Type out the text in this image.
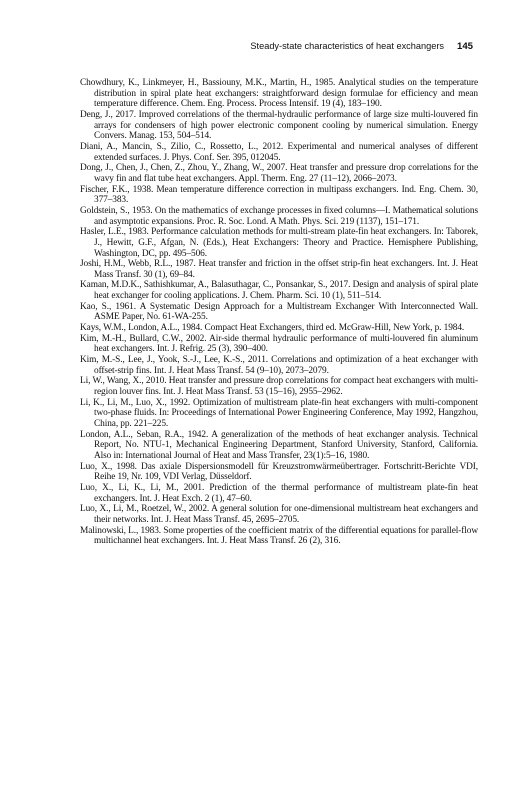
Steady-state characteristics of heat exchangers 145
Chowdhury, K., Linkmeyer, H., Bassiouny, M.K., Martin, H., 1985. Analytical studies on the temperature distribution in spiral plate heat exchangers: straightforward design formulae for efficiency and mean temperature difference. Chem. Eng. Process. Process Intensif. 19 (4), 183–190.
Deng, J., 2017. Improved correlations of the thermal-hydraulic performance of large size multi-louvered fin arrays for condensers of high power electronic component cooling by numerical simulation. Energy Convers. Manag. 153, 504–514.
Diani, A., Mancin, S., Zilio, C., Rossetto, L., 2012. Experimental and numerical analyses of different extended surfaces. J. Phys. Conf. Ser. 395, 012045.
Dong, J., Chen, J., Chen, Z., Zhou, Y., Zhang, W., 2007. Heat transfer and pressure drop correlations for the wavy fin and flat tube heat exchangers. Appl. Therm. Eng. 27 (11–12), 2066–2073.
Fischer, F.K., 1938. Mean temperature difference correction in multipass exchangers. Ind. Eng. Chem. 30, 377–383.
Goldstein, S., 1953. On the mathematics of exchange processes in fixed columns—I. Mathematical solutions and asymptotic expansions. Proc. R. Soc. Lond. A Math. Phys. Sci. 219 (1137), 151–171.
Hasler, L.E., 1983. Performance calculation methods for multi-stream plate-fin heat exchangers. In: Taborek, J., Hewitt, G.F., Afgan, N. (Eds.), Heat Exchangers: Theory and Practice. Hemisphere Publishing, Washington, DC, pp. 495–506.
Joshi, H.M., Webb, R.L., 1987. Heat transfer and friction in the offset strip-fin heat exchangers. Int. J. Heat Mass Transf. 30 (1), 69–84.
Kaman, M.D.K., Sathishkumar, A., Balasuthagar, C., Ponsankar, S., 2017. Design and analysis of spiral plate heat exchanger for cooling applications. J. Chem. Pharm. Sci. 10 (1), 511–514.
Kao, S., 1961. A Systematic Design Approach for a Multistream Exchanger With Interconnected Wall. ASME Paper, No. 61-WA-255.
Kays, W.M., London, A.L., 1984. Compact Heat Exchangers, third ed. McGraw-Hill, New York, p. 1984.
Kim, M.-H., Bullard, C.W., 2002. Air-side thermal hydraulic performance of multi-louvered fin aluminum heat exchangers. Int. J. Refrig. 25 (3), 390–400.
Kim, M.-S., Lee, J., Yook, S.-J., Lee, K.-S., 2011. Correlations and optimization of a heat exchanger with offset-strip fins. Int. J. Heat Mass Transf. 54 (9–10), 2073–2079.
Li, W., Wang, X., 2010. Heat transfer and pressure drop correlations for compact heat exchangers with multi-region louver fins. Int. J. Heat Mass Transf. 53 (15–16), 2955–2962.
Li, K., Li, M., Luo, X., 1992. Optimization of multistream plate-fin heat exchangers with multi-component two-phase fluids. In: Proceedings of International Power Engineering Conference, May 1992, Hangzhou, China, pp. 221–225.
London, A.L., Seban, R.A., 1942. A generalization of the methods of heat exchanger analysis. Technical Report, No. NTU-1, Mechanical Engineering Department, Stanford University, Stanford, California. Also in: International Journal of Heat and Mass Transfer, 23(1):5–16, 1980.
Luo, X., 1998. Das axiale Dispersionsmodell für Kreuzstromwärmeübertrager. Fortschritt-Berichte VDI, Reihe 19, Nr. 109, VDI Verlag, Düsseldorf.
Luo, X., Li, K., Li, M., 2001. Prediction of the thermal performance of multistream plate-fin heat exchangers. Int. J. Heat Exch. 2 (1), 47–60.
Luo, X., Li, M., Roetzel, W., 2002. A general solution for one-dimensional multistream heat exchangers and their networks. Int. J. Heat Mass Transf. 45, 2695–2705.
Malinowski, L., 1983. Some properties of the coefficient matrix of the differential equations for parallel-flow multichannel heat exchangers. Int. J. Heat Mass Transf. 26 (2), 316.
